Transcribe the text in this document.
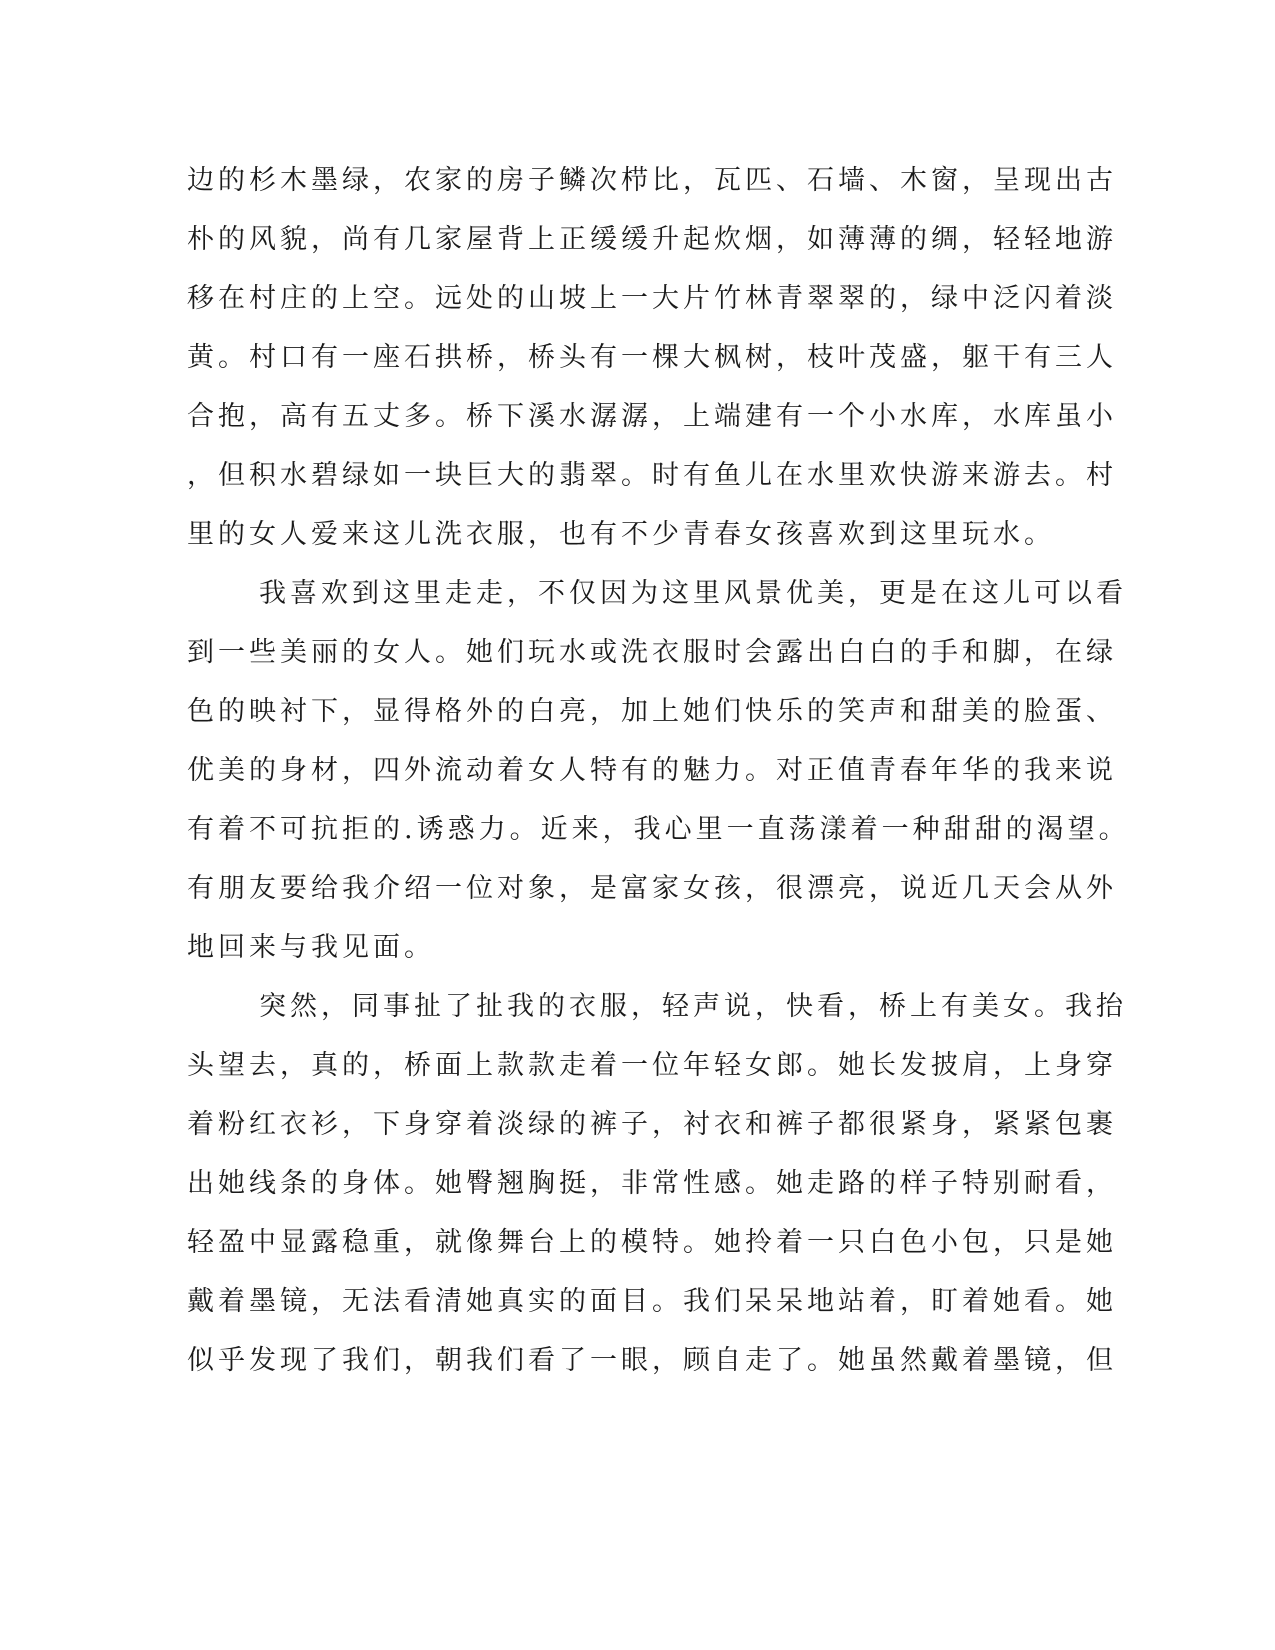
边的杉木墨绿，农家的房子鳞次栉比，瓦匹、石墙、木窗，呈现出古
朴的风貌，尚有几家屋背上正缓缓升起炊烟，如薄薄的绸，轻轻地游
移在村庄的上空。远处的山坡上一大片竹林青翠翠的，绿中泛闪着淡
黄。村口有一座石拱桥，桥头有一棵大枫树，枝叶茂盛，躯干有三人
合抱，高有五丈多。桥下溪水潺潺，上端建有一个小水库，水库虽小
，但积水碧绿如一块巨大的翡翠。时有鱼儿在水里欢快游来游去。村
里的女人爱来这儿洗衣服，也有不少青春女孩喜欢到这里玩水。
我喜欢到这里走走，不仅因为这里风景优美，更是在这儿可以看
到一些美丽的女人。她们玩水或洗衣服时会露出白白的手和脚，在绿
色的映衬下，显得格外的白亮，加上她们快乐的笑声和甜美的脸蛋、
优美的身材，四外流动着女人特有的魅力。对正值青春年华的我来说
有着不可抗拒的.诱惑力。近来，我心里一直荡漾着一种甜甜的渴望。
有朋友要给我介绍一位对象，是富家女孩，很漂亮，说近几天会从外
地回来与我见面。
突然，同事扯了扯我的衣服，轻声说，快看，桥上有美女。我抬
头望去，真的，桥面上款款走着一位年轻女郎。她长发披肩，上身穿
着粉红衣衫，下身穿着淡绿的裤子，衬衣和裤子都很紧身，紧紧包裹
出她线条的身体。她臀翘胸挺，非常性感。她走路的样子特别耐看，
轻盈中显露稳重，就像舞台上的模特。她拎着一只白色小包，只是她
戴着墨镜，无法看清她真实的面目。我们呆呆地站着，盯着她看。她
似乎发现了我们，朝我们看了一眼，顾自走了。她虽然戴着墨镜，但
